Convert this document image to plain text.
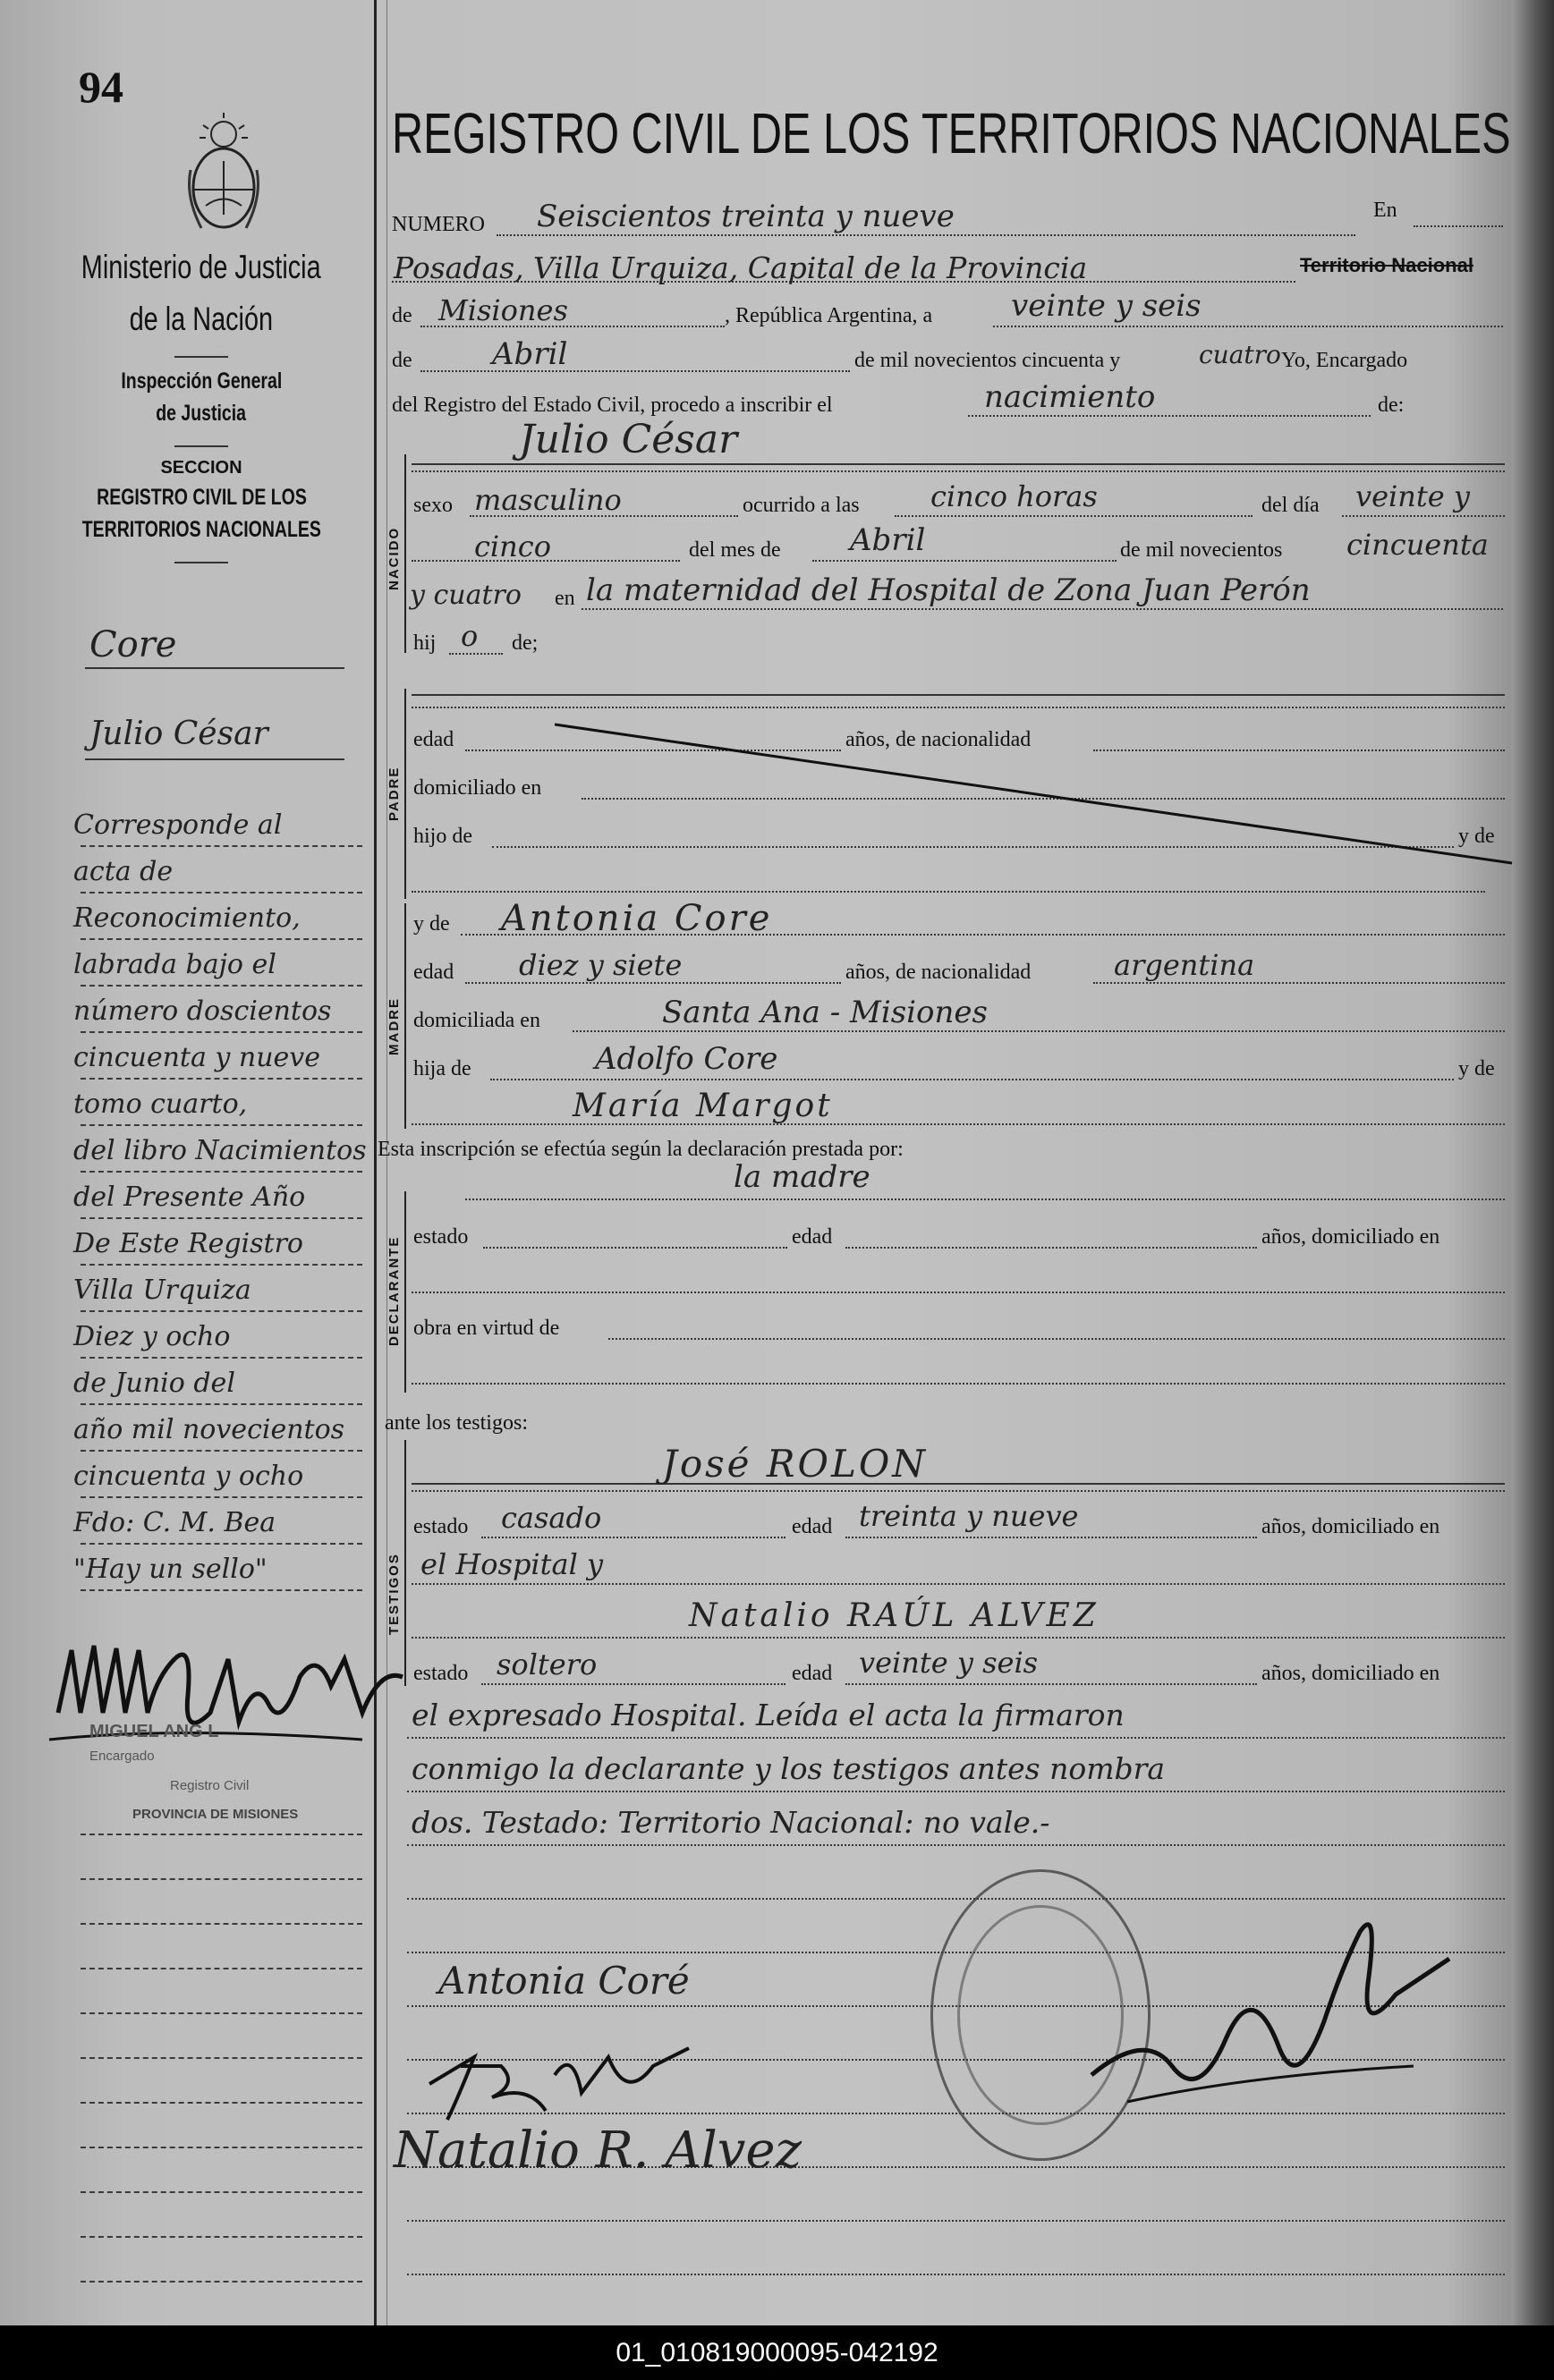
94
Ministerio de Justicia
de la Nación
Inspección General
de Justicia
SECCION
REGISTRO CIVIL DE LOS
TERRITORIOS NACIONALES
Core
Julio César
Corresponde al
acta de
Reconocimiento,
labrada bajo el
número doscientos
cincuenta y nueve
tomo cuarto,
del libro Nacimientos
del Presente Año
De Este Registro
Villa Urquiza
Diez y ocho
de Junio del
año mil novecientos
cincuenta y ocho
Fdo: C. M. Bea
"Hay un sello"
MIGUEL ANG L
Encargado
Registro Civil
PROVINCIA DE MISIONES
REGISTRO CIVIL DE LOS TERRITORIOS NACIONALES
NUMERO Seiscientos treinta y nueve	En
Posadas, Villa Urquiza, Capital de la Provincia	Territorio Nacional
de Misiones	, República Argentina, a	veinte y seis
de	Abril	de mil novecientos cincuenta y	cuatro Yo, Encargado
del Registro del Estado Civil, procedo a inscribir el	nacimiento	de:
NACIDO
Julio César
sexo masculino	ocurrido a las cinco horas	del día veinte y
cinco	del mes de Abril	de mil novecientos cincuenta
y cuatro en la maternidad del Hospital de Zona Juan Perón
hij o de;
PADRE
edad	años, de nacionalidad
domiciliado en
hijo de	y de
MADRE
y de Antonia Core
edad diez y siete	años, de nacionalidad	argentina
domiciliada en	Santa Ana - Misiones
hija de	Adolfo Core	y de
María Margot
Esta inscripción se efectúa según la declaración prestada por:
la madre
DECLARANTE estado	edad	años, domiciliado en
obra en virtud de
ante los testigos:
TESTIGOS
José ROLON
estado casado	edad treinta y nueve	años, domiciliado en
el Hospital y
Natalio RAÚL ALVEZ
estado soltero	edad veinte y seis	años, domiciliado en
el expresado Hospital. Leída el acta la firmaron
conmigo la declarante y los testigos antes nombra
dos. Testado: Territorio Nacional: no vale.-
Antonia Coré
Natalio R. Alvez
01_010819000095-042192
